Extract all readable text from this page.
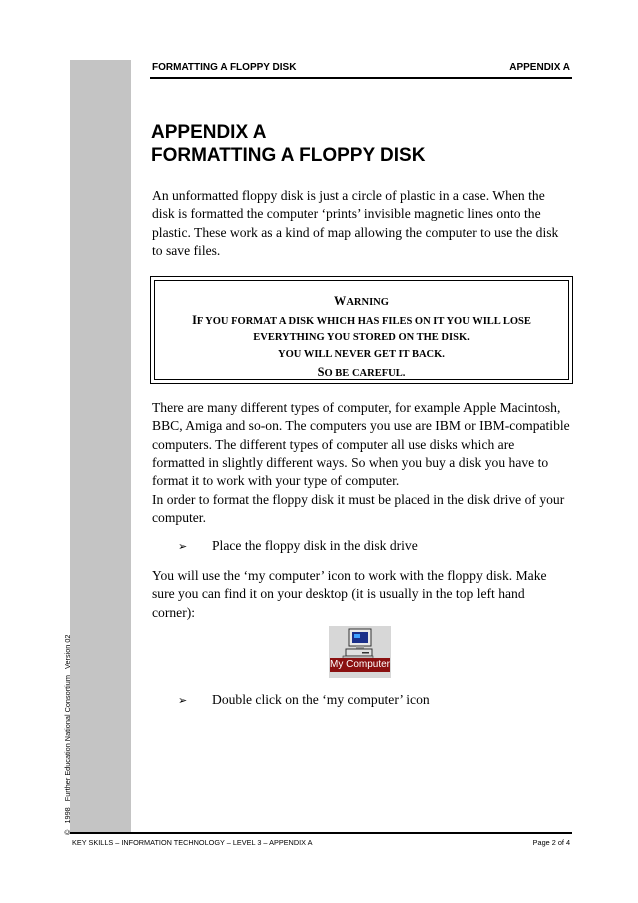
©   1998   Further Education National Consortium   Version 02
FORMATTING A FLOPPY DISK	APPENDIX A
APPENDIX A
FORMATTING A FLOPPY DISK

An unformatted floppy disk is just a circle of plastic in a case. When the disk is formatted the computer ‘prints’ invisible magnetic lines onto the plastic. These work as a kind of map allowing the computer to use the disk to save files.

WARNING
IF YOU FORMAT A DISK WHICH HAS FILES ON IT YOU WILL LOSE
EVERYTHING YOU STORED ON THE DISK.
YOU WILL NEVER GET IT BACK.
SO BE CAREFUL.

There are many different types of computer, for example Apple Macintosh, BBC, Amiga and so-on. The computers you use are IBM or IBM-compatible computers. The different types of computer all use disks which are formatted in slightly different ways. So when you buy a disk you have to format it to work with your type of computer.

In order to format the floppy disk it must be placed in the disk drive of your computer.

➢ Place the floppy disk in the disk drive

You will use the ‘my computer’ icon to work with the floppy disk. Make sure you can find it on your desktop (it is usually in the top left hand corner):

My Computer
➢ Double click on the ‘my computer’ icon
KEY SKILLS – INFORMATION TECHNOLOGY – LEVEL 3 – APPENDIX A	Page 2 of 4
